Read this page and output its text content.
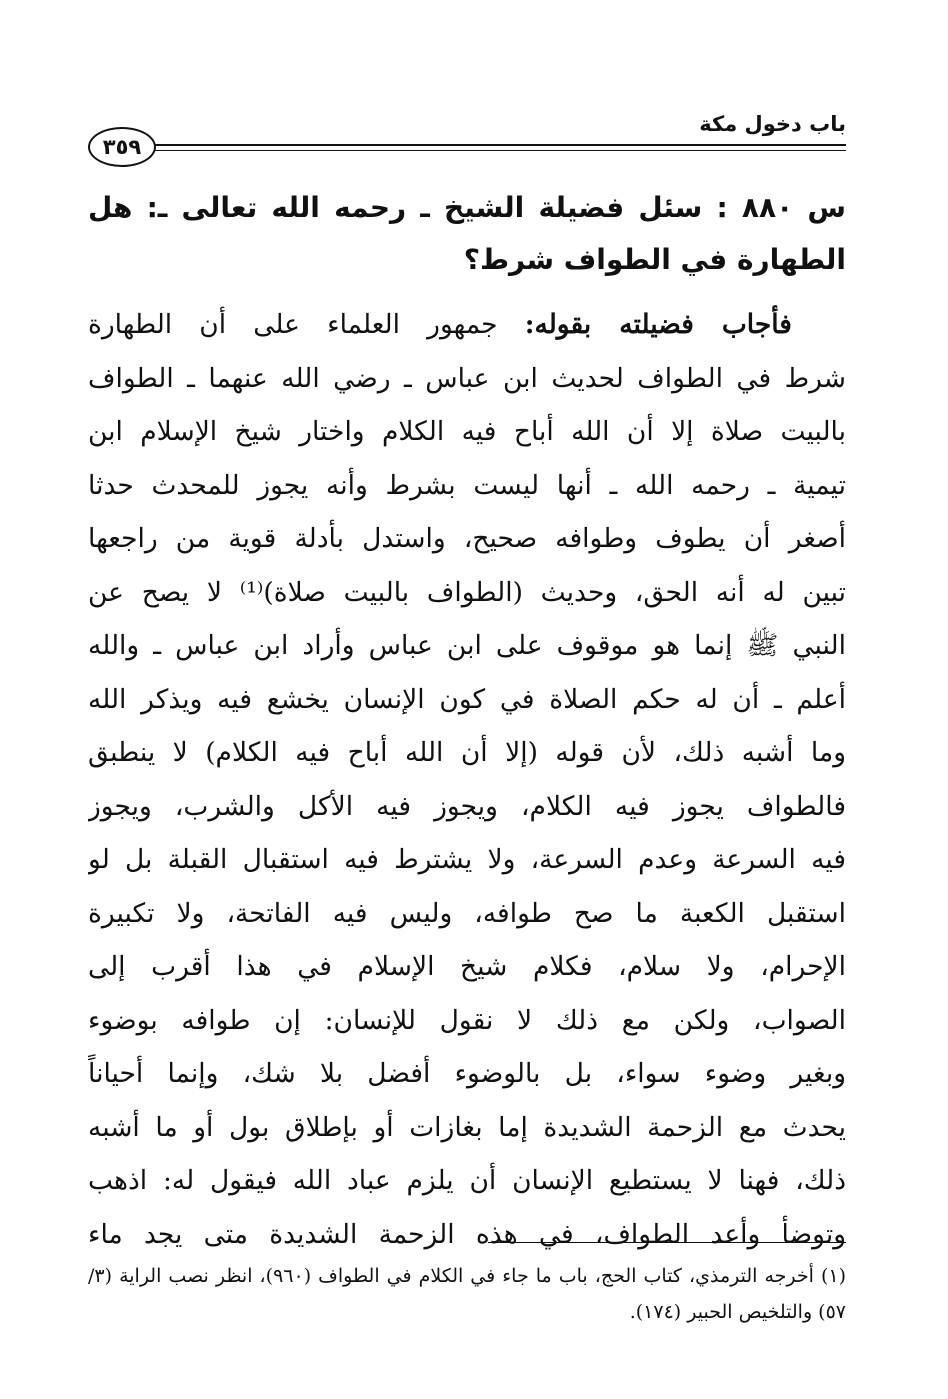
باب دخول مكة
٣٥٩
س ٨٨٠ : سئل فضيلة الشيخ ـ رحمه الله تعالى ـ: هل الطهارة في الطواف شرط؟
فأجاب فضيلته بقوله: جمهور العلماء على أن الطهارة
شرط في الطواف لحديث ابن عباس ـ رضي الله عنهما ـ الطواف
بالبيت صلاة إلا أن الله أباح فيه الكلام واختار شيخ الإسلام ابن
تيمية ـ رحمه الله ـ أنها ليست بشرط وأنه يجوز للمحدث حدثا
أصغر أن يطوف وطوافه صحيح، واستدل بأدلة قوية من راجعها
تبين له أنه الحق، وحديث (الطواف بالبيت صلاة)⁽¹⁾ لا يصح عن
النبي ﷺ إنما هو موقوف على ابن عباس وأراد ابن عباس ـ والله
أعلم ـ أن له حكم الصلاة في كون الإنسان يخشع فيه ويذكر الله
وما أشبه ذلك، لأن قوله (إلا أن الله أباح فيه الكلام) لا ينطبق
فالطواف يجوز فيه الكلام، ويجوز فيه الأكل والشرب، ويجوز
فيه السرعة وعدم السرعة، ولا يشترط فيه استقبال القبلة بل لو
استقبل الكعبة ما صح طوافه، وليس فيه الفاتحة، ولا تكبيرة
الإحرام، ولا سلام، فكلام شيخ الإسلام في هذا أقرب إلى
الصواب، ولكن مع ذلك لا نقول للإنسان: إن طوافه بوضوء
وبغير وضوء سواء، بل بالوضوء أفضل بلا شك، وإنما أحياناً
يحدث مع الزحمة الشديدة إما بغازات أو بإطلاق بول أو ما أشبه
ذلك، فهنا لا يستطيع الإنسان أن يلزم عباد الله فيقول له: اذهب
وتوضأ وأعد الطواف، في هذه الزحمة الشديدة متى يجد ماء
(١) أخرجه الترمذي، كتاب الحج، باب ما جاء في الكلام في الطواف (٩٦٠)، انظر نصب الراية (٣/ ٥٧) والتلخيص الحبير (١٧٤).
